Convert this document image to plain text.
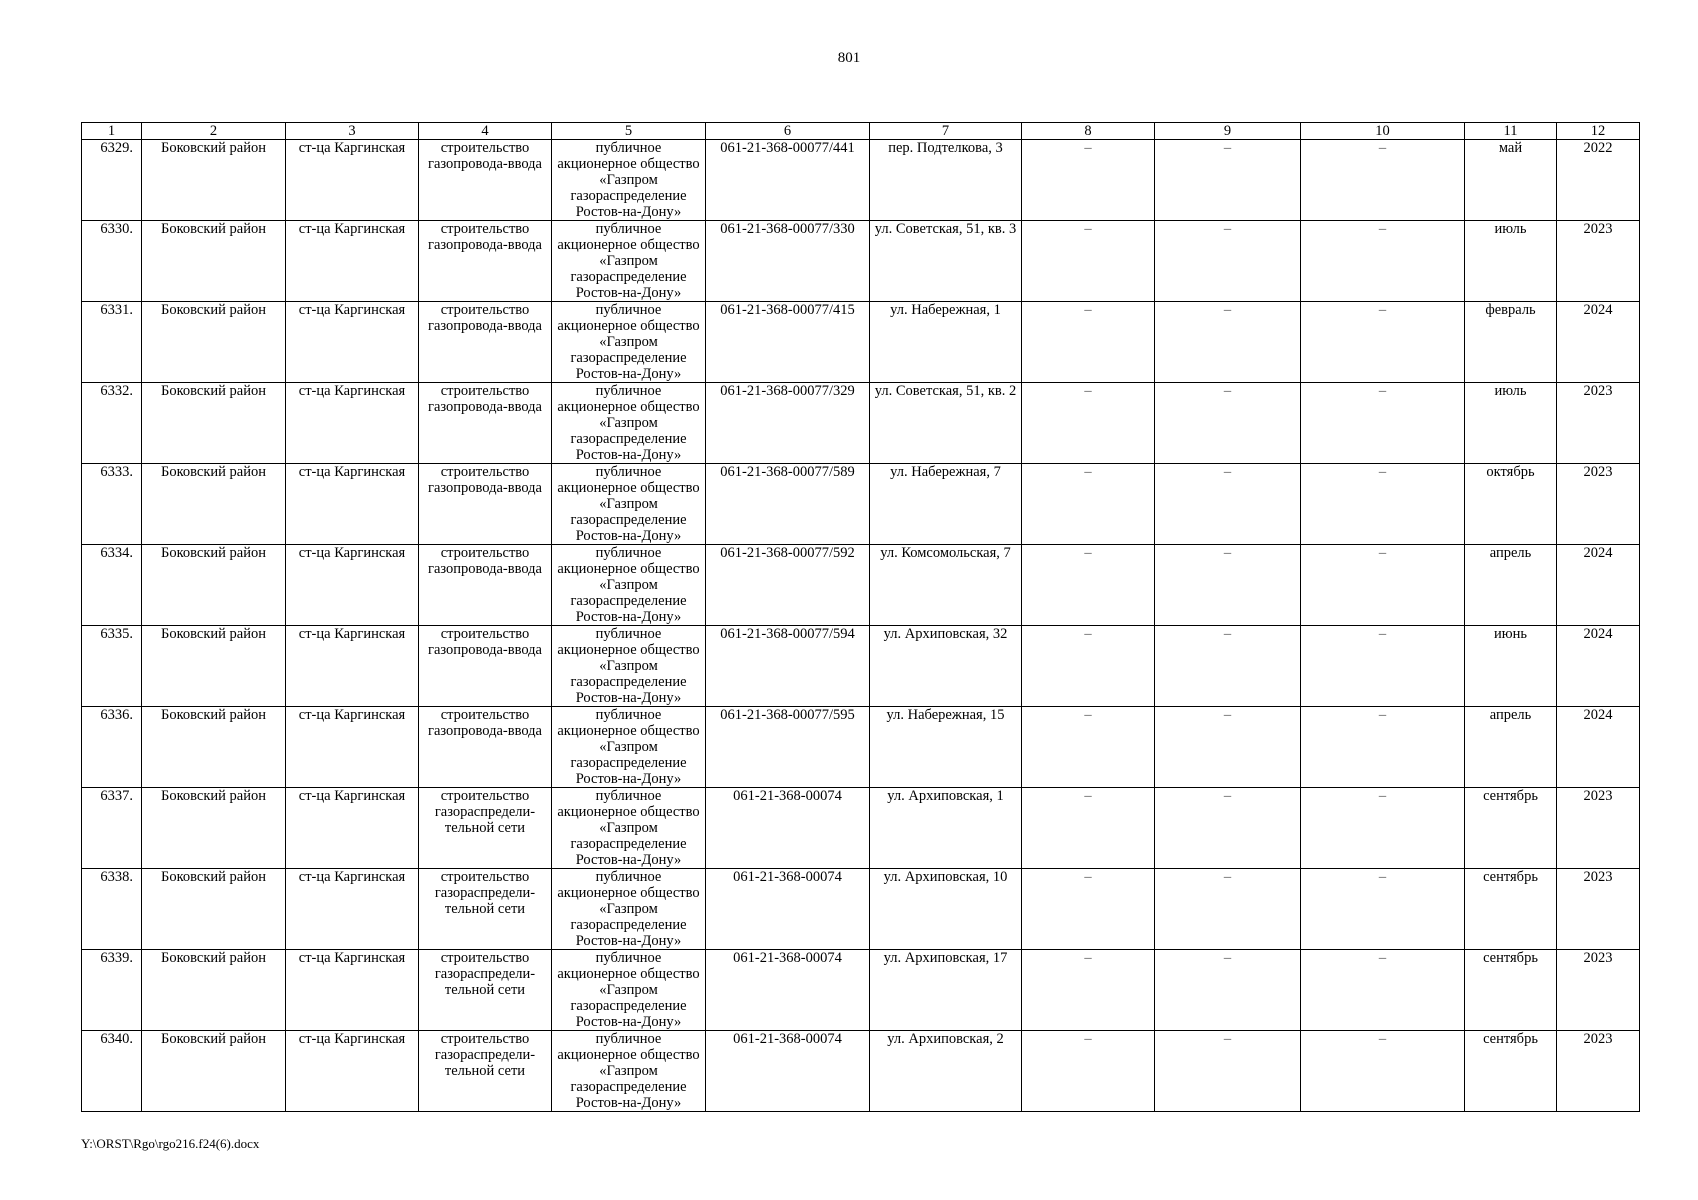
801
1	2	3	4	5	6	7	8	9	10	11	12
6329.	Боковский район	ст-ца Каргинская	строительство газопровода-ввода	публичное акционерное общество «Газпром газораспределение Ростов-на-Дону»	061-21-368-00077/441	пер. Подтелкова, 3	–	–	–	май	2022
6330.	Боковский район	ст-ца Каргинская	строительство газопровода-ввода	публичное акционерное общество «Газпром газораспределение Ростов-на-Дону»	061-21-368-00077/330	ул. Советская, 51, кв. 3	–	–	–	июль	2023
6331.	Боковский район	ст-ца Каргинская	строительство газопровода-ввода	публичное акционерное общество «Газпром газораспределение Ростов-на-Дону»	061-21-368-00077/415	ул. Набережная, 1	–	–	–	февраль	2024
6332.	Боковский район	ст-ца Каргинская	строительство газопровода-ввода	публичное акционерное общество «Газпром газораспределение Ростов-на-Дону»	061-21-368-00077/329	ул. Советская, 51, кв. 2	–	–	–	июль	2023
6333.	Боковский район	ст-ца Каргинская	строительство газопровода-ввода	публичное акционерное общество «Газпром газораспределение Ростов-на-Дону»	061-21-368-00077/589	ул. Набережная, 7	–	–	–	октябрь	2023
6334.	Боковский район	ст-ца Каргинская	строительство газопровода-ввода	публичное акционерное общество «Газпром газораспределение Ростов-на-Дону»	061-21-368-00077/592	ул. Комсомольская, 7	–	–	–	апрель	2024
6335.	Боковский район	ст-ца Каргинская	строительство газопровода-ввода	публичное акционерное общество «Газпром газораспределение Ростов-на-Дону»	061-21-368-00077/594	ул. Архиповская, 32	–	–	–	июнь	2024
6336.	Боковский район	ст-ца Каргинская	строительство газопровода-ввода	публичное акционерное общество «Газпром газораспределение Ростов-на-Дону»	061-21-368-00077/595	ул. Набережная, 15	–	–	–	апрель	2024
6337.	Боковский район	ст-ца Каргинская	строительство газораспредели-тельной сети	публичное акционерное общество «Газпром газораспределение Ростов-на-Дону»	061-21-368-00074	ул. Архиповская, 1	–	–	–	сентябрь	2023
6338.	Боковский район	ст-ца Каргинская	строительство газораспредели-тельной сети	публичное акционерное общество «Газпром газораспределение Ростов-на-Дону»	061-21-368-00074	ул. Архиповская, 10	–	–	–	сентябрь	2023
6339.	Боковский район	ст-ца Каргинская	строительство газораспредели-тельной сети	публичное акционерное общество «Газпром газораспределение Ростов-на-Дону»	061-21-368-00074	ул. Архиповская, 17	–	–	–	сентябрь	2023
6340.	Боковский район	ст-ца Каргинская	строительство газораспредели-тельной сети	публичное акционерное общество «Газпром газораспределение Ростов-на-Дону»	061-21-368-00074	ул. Архиповская, 2	–	–	–	сентябрь	2023
Y:\ORST\Rgo\rgo216.f24(6).docx
